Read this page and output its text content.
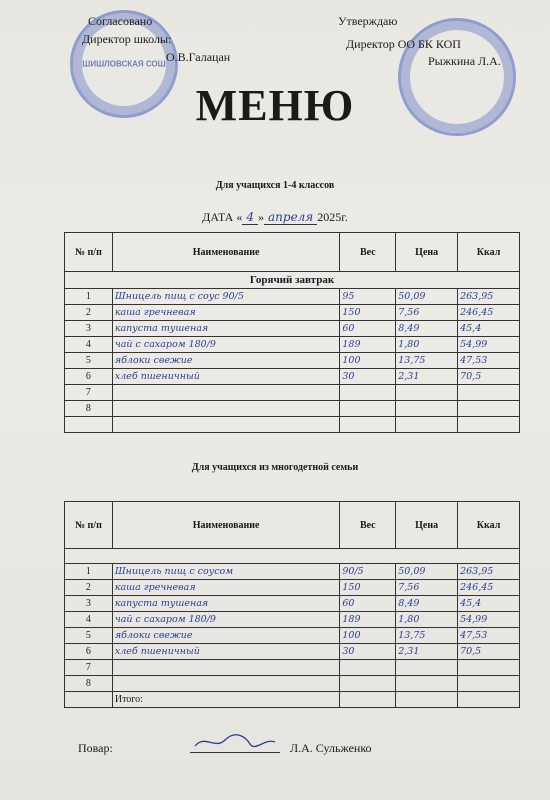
ШИШЛОВСКАЯ СОШ
Согласовано
Директор школы:
О.В.Галацан
Утверждаю
Директор ОО БК КОП
Рыжкина Л.А.
МЕНЮ
Для учащихся 1-4 классов
ДАТА « 4 » апреля 2025г.
№ п/п	Наименование	Вес	Цена	Ккал
Горячий завтрак				
1	Шницель пищ с соус 90/5	95	50,09	263,95
2	каша гречневая	150	7,56	246,45
3	капуста тушеная	60	8,49	45,4
4	чай с сахаром 180/9	189	1,80	54,99
5	яблоки свежие	100	13,75	47,53
6	хлеб пшеничный	30	2,31	70,5
7				
8				

Для учащихся из многодетной семьи
№ п/п	Наименование	Вес	Цена	Ккал

1	Шницель пищ с соусом	90/5	50,09	263,95
2	каша гречневая	150	7,56	246,45
3	капуста тушеная	60	8,49	45,4
4	чай с сахаром 180/9	189	1,80	54,99
5	яблоки свежие	100	13,75	47,53
6	хлеб пшеничный	30	2,31	70,5
7				
8				
	Итого:			
Повар:	Л.А. Сульженко
